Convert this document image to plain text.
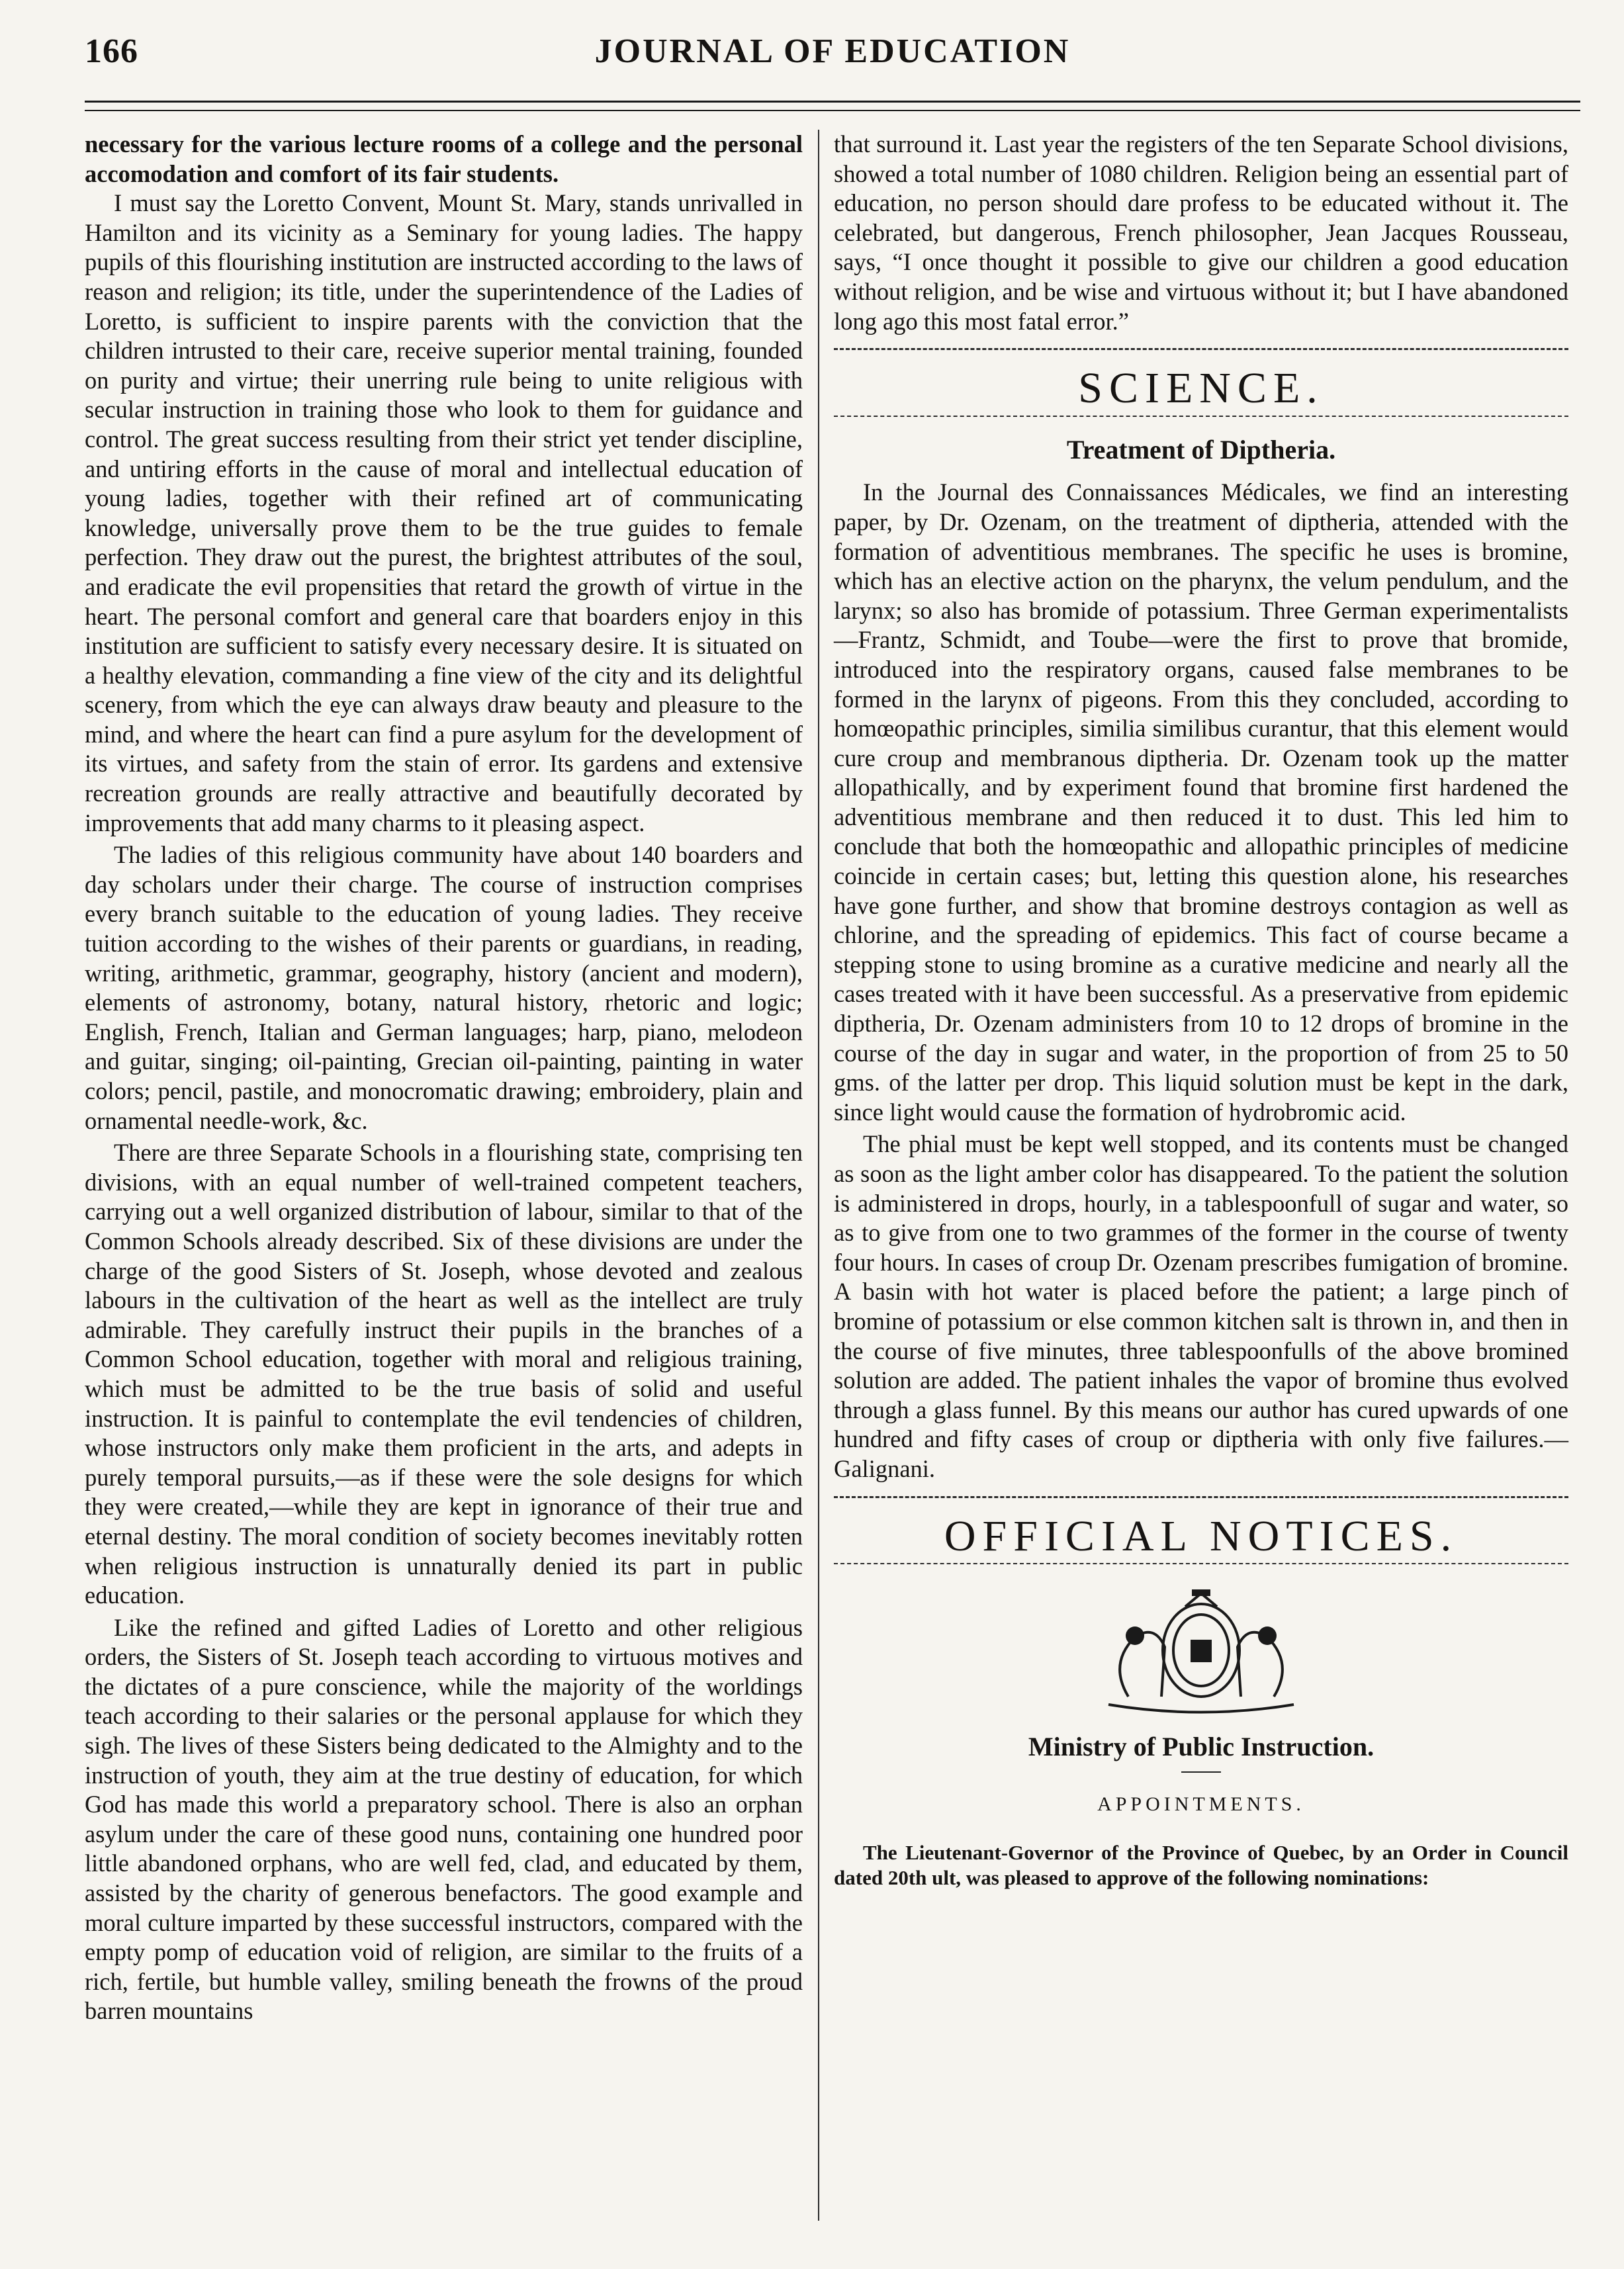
166	JOURNAL OF EDUCATION

necessary for the various lecture rooms of a college and the personal accomodation and comfort of its fair students.

I must say the Loretto Convent, Mount St. Mary, stands unrivalled in Hamilton and its vicinity as a Seminary for young ladies. The happy pupils of this flourishing institution are instructed according to the laws of reason and religion; its title, under the superintendence of the Ladies of Loretto, is sufficient to inspire parents with the conviction that the children intrusted to their care, receive superior mental training, founded on purity and virtue; their unerring rule being to unite religious with secular instruction in training those who look to them for guidance and control. The great success resulting from their strict yet tender discipline, and untiring efforts in the cause of moral and intellectual education of young ladies, together with their refined art of communicating knowledge, universally prove them to be the true guides to female perfection. They draw out the purest, the brightest attributes of the soul, and eradicate the evil propensities that retard the growth of virtue in the heart. The personal comfort and general care that boarders enjoy in this institution are sufficient to satisfy every necessary desire. It is situated on a healthy elevation, commanding a fine view of the city and its delightful scenery, from which the eye can always draw beauty and pleasure to the mind, and where the heart can find a pure asylum for the development of its virtues, and safety from the stain of error. Its gardens and extensive recreation grounds are really attractive and beautifully decorated by improvements that add many charms to it pleasing aspect.

The ladies of this religious community have about 140 boarders and day scholars under their charge. The course of instruction comprises every branch suitable to the education of young ladies. They receive tuition according to the wishes of their parents or guardians, in reading, writing, arithmetic, grammar, geography, history (ancient and modern), elements of astronomy, botany, natural history, rhetoric and logic; English, French, Italian and German languages; harp, piano, melodeon and guitar, singing; oil-painting, Grecian oil-painting, painting in water colors; pencil, pastile, and monocromatic drawing; embroidery, plain and ornamental needle-work, &c.

There are three Separate Schools in a flourishing state, comprising ten divisions, with an equal number of well-trained competent teachers, carrying out a well organized distribution of labour, similar to that of the Common Schools already described. Six of these divisions are under the charge of the good Sisters of St. Joseph, whose devoted and zealous labours in the cultivation of the heart as well as the intellect are truly admirable. They carefully instruct their pupils in the branches of a Common School education, together with moral and religious training, which must be admitted to be the true basis of solid and useful instruction. It is painful to contemplate the evil tendencies of children, whose instructors only make them proficient in the arts, and adepts in purely temporal pursuits,—as if these were the sole designs for which they were created,—while they are kept in ignorance of their true and eternal destiny. The moral condition of society becomes inevitably rotten when religious instruction is unnaturally denied its part in public education.

Like the refined and gifted Ladies of Loretto and other religious orders, the Sisters of St. Joseph teach according to virtuous motives and the dictates of a pure conscience, while the majority of the worldings teach according to their salaries or the personal applause for which they sigh. The lives of these Sisters being dedicated to the Almighty and to the instruction of youth, they aim at the true destiny of education, for which God has made this world a preparatory school. There is also an orphan asylum under the care of these good nuns, containing one hundred poor little abandoned orphans, who are well fed, clad, and educated by them, assisted by the charity of generous benefactors. The good example and moral culture imparted by these successful instructors, compared with the empty pomp of education void of religion, are similar to the fruits of a rich, fertile, but humble valley, smiling beneath the frowns of the proud barren mountains

that surround it. Last year the registers of the ten Separate School divisions, showed a total number of 1080 children. Religion being an essential part of education, no person should dare profess to be educated without it. The celebrated, but dangerous, French philosopher, Jean Jacques Rousseau, says, “I once thought it possible to give our children a good education without religion, and be wise and virtuous without it; but I have abandoned long ago this most fatal error.”

SCIENCE.
Treatment of Diptheria.

In the Journal des Connaissances Médicales, we find an interesting paper, by Dr. Ozenam, on the treatment of diptheria, attended with the formation of adventitious membranes. The specific he uses is bromine, which has an elective action on the pharynx, the velum pendulum, and the larynx; so also has bromide of potassium. Three German experimentalists—Frantz, Schmidt, and Toube—were the first to prove that bromide, introduced into the respiratory organs, caused false membranes to be formed in the larynx of pigeons. From this they concluded, according to homœopathic principles, similia similibus curantur, that this element would cure croup and membranous diptheria. Dr. Ozenam took up the matter allopathically, and by experiment found that bromine first hardened the adventitious membrane and then reduced it to dust. This led him to conclude that both the homœopathic and allopathic principles of medicine coincide in certain cases; but, letting this question alone, his researches have gone further, and show that bromine destroys contagion as well as chlorine, and the spreading of epidemics. This fact of course became a stepping stone to using bromine as a curative medicine and nearly all the cases treated with it have been successful. As a preservative from epidemic diptheria, Dr. Ozenam administers from 10 to 12 drops of bromine in the course of the day in sugar and water, in the proportion of from 25 to 50 gms. of the latter per drop. This liquid solution must be kept in the dark, since light would cause the formation of hydrobromic acid.

The phial must be kept well stopped, and its contents must be changed as soon as the light amber color has disappeared. To the patient the solution is administered in drops, hourly, in a tablespoonfull of sugar and water, so as to give from one to two grammes of the former in the course of twenty four hours. In cases of croup Dr. Ozenam prescribes fumigation of bromine. A basin with hot water is placed before the patient; a large pinch of bromine of potassium or else common kitchen salt is thrown in, and then in the course of five minutes, three tablespoonfulls of the above bromined solution are added. The patient inhales the vapor of bromine thus evolved through a glass funnel. By this means our author has cured upwards of one hundred and fifty cases of croup or diptheria with only five failures.—Galignani.

OFFICIAL NOTICES.
Ministry of Public Instruction.
APPOINTMENTS.

The Lieutenant-Governor of the Province of Quebec, by an Order in Council dated 20th ult, was pleased to approve of the following nominations:
